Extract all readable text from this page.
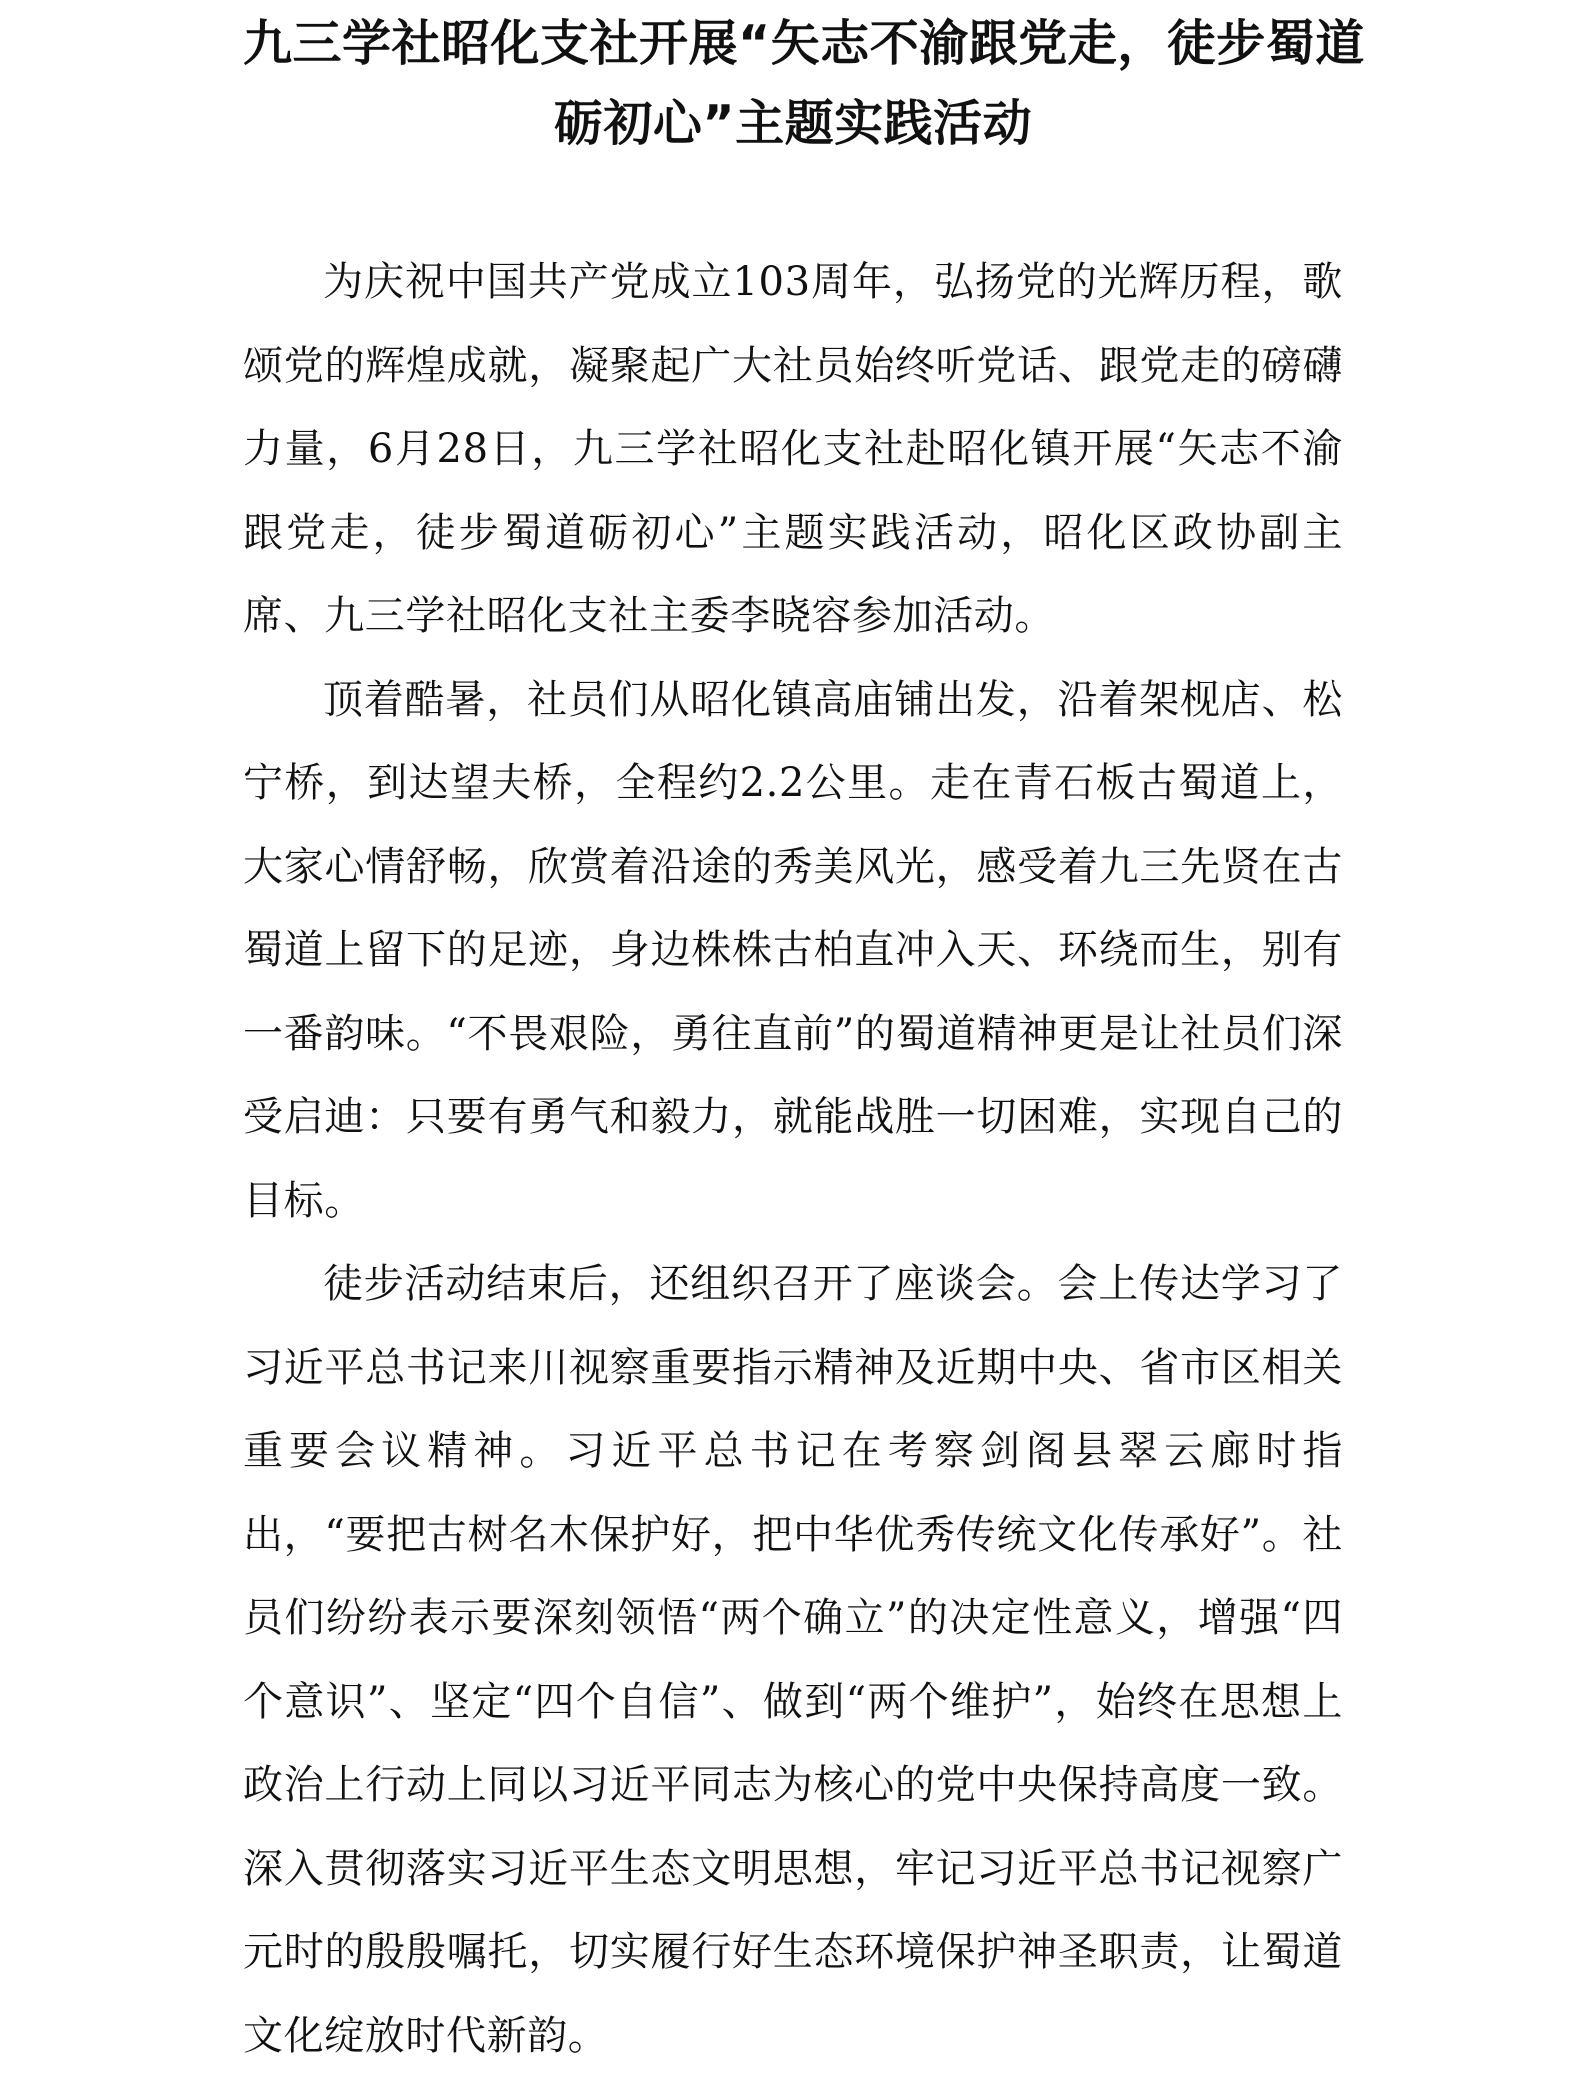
九三学社昭化支社开展“矢志不渝跟党走，徒步蜀道
砺初心”主题实践活动

为庆祝中国共产党成立103周年，弘扬党的光辉历程，歌颂党的辉煌成就，凝聚起广大社员始终听党话、跟党走的磅礴力量，6月28日，九三学社昭化支社赴昭化镇开展“矢志不渝跟党走，徒步蜀道砺初心”主题实践活动，昭化区政协副主席、九三学社昭化支社主委李晓容参加活动。

顶着酷暑，社员们从昭化镇高庙铺出发，沿着架枧店、松宁桥，到达望夫桥，全程约2.2公里。走在青石板古蜀道上，大家心情舒畅，欣赏着沿途的秀美风光，感受着九三先贤在古蜀道上留下的足迹，身边株株古柏直冲入天、环绕而生，别有一番韵味。“不畏艰险，勇往直前”的蜀道精神更是让社员们深受启迪：只要有勇气和毅力，就能战胜一切困难，实现自己的目标。

徒步活动结束后，还组织召开了座谈会。会上传达学习了习近平总书记来川视察重要指示精神及近期中央、省市区相关重要会议精神。习近平总书记在考察剑阁县翠云廊时指出，“要把古树名木保护好，把中华优秀传统文化传承好”。社员们纷纷表示要深刻领悟“两个确立”的决定性意义，增强“四个意识”、坚定“四个自信”、做到“两个维护”，始终在思想上政治上行动上同以习近平同志为核心的党中央保持高度一致。深入贯彻落实习近平生态文明思想，牢记习近平总书记视察广元时的殷殷嘱托，切实履行好生态环境保护神圣职责，让蜀道文化绽放时代新韵。
